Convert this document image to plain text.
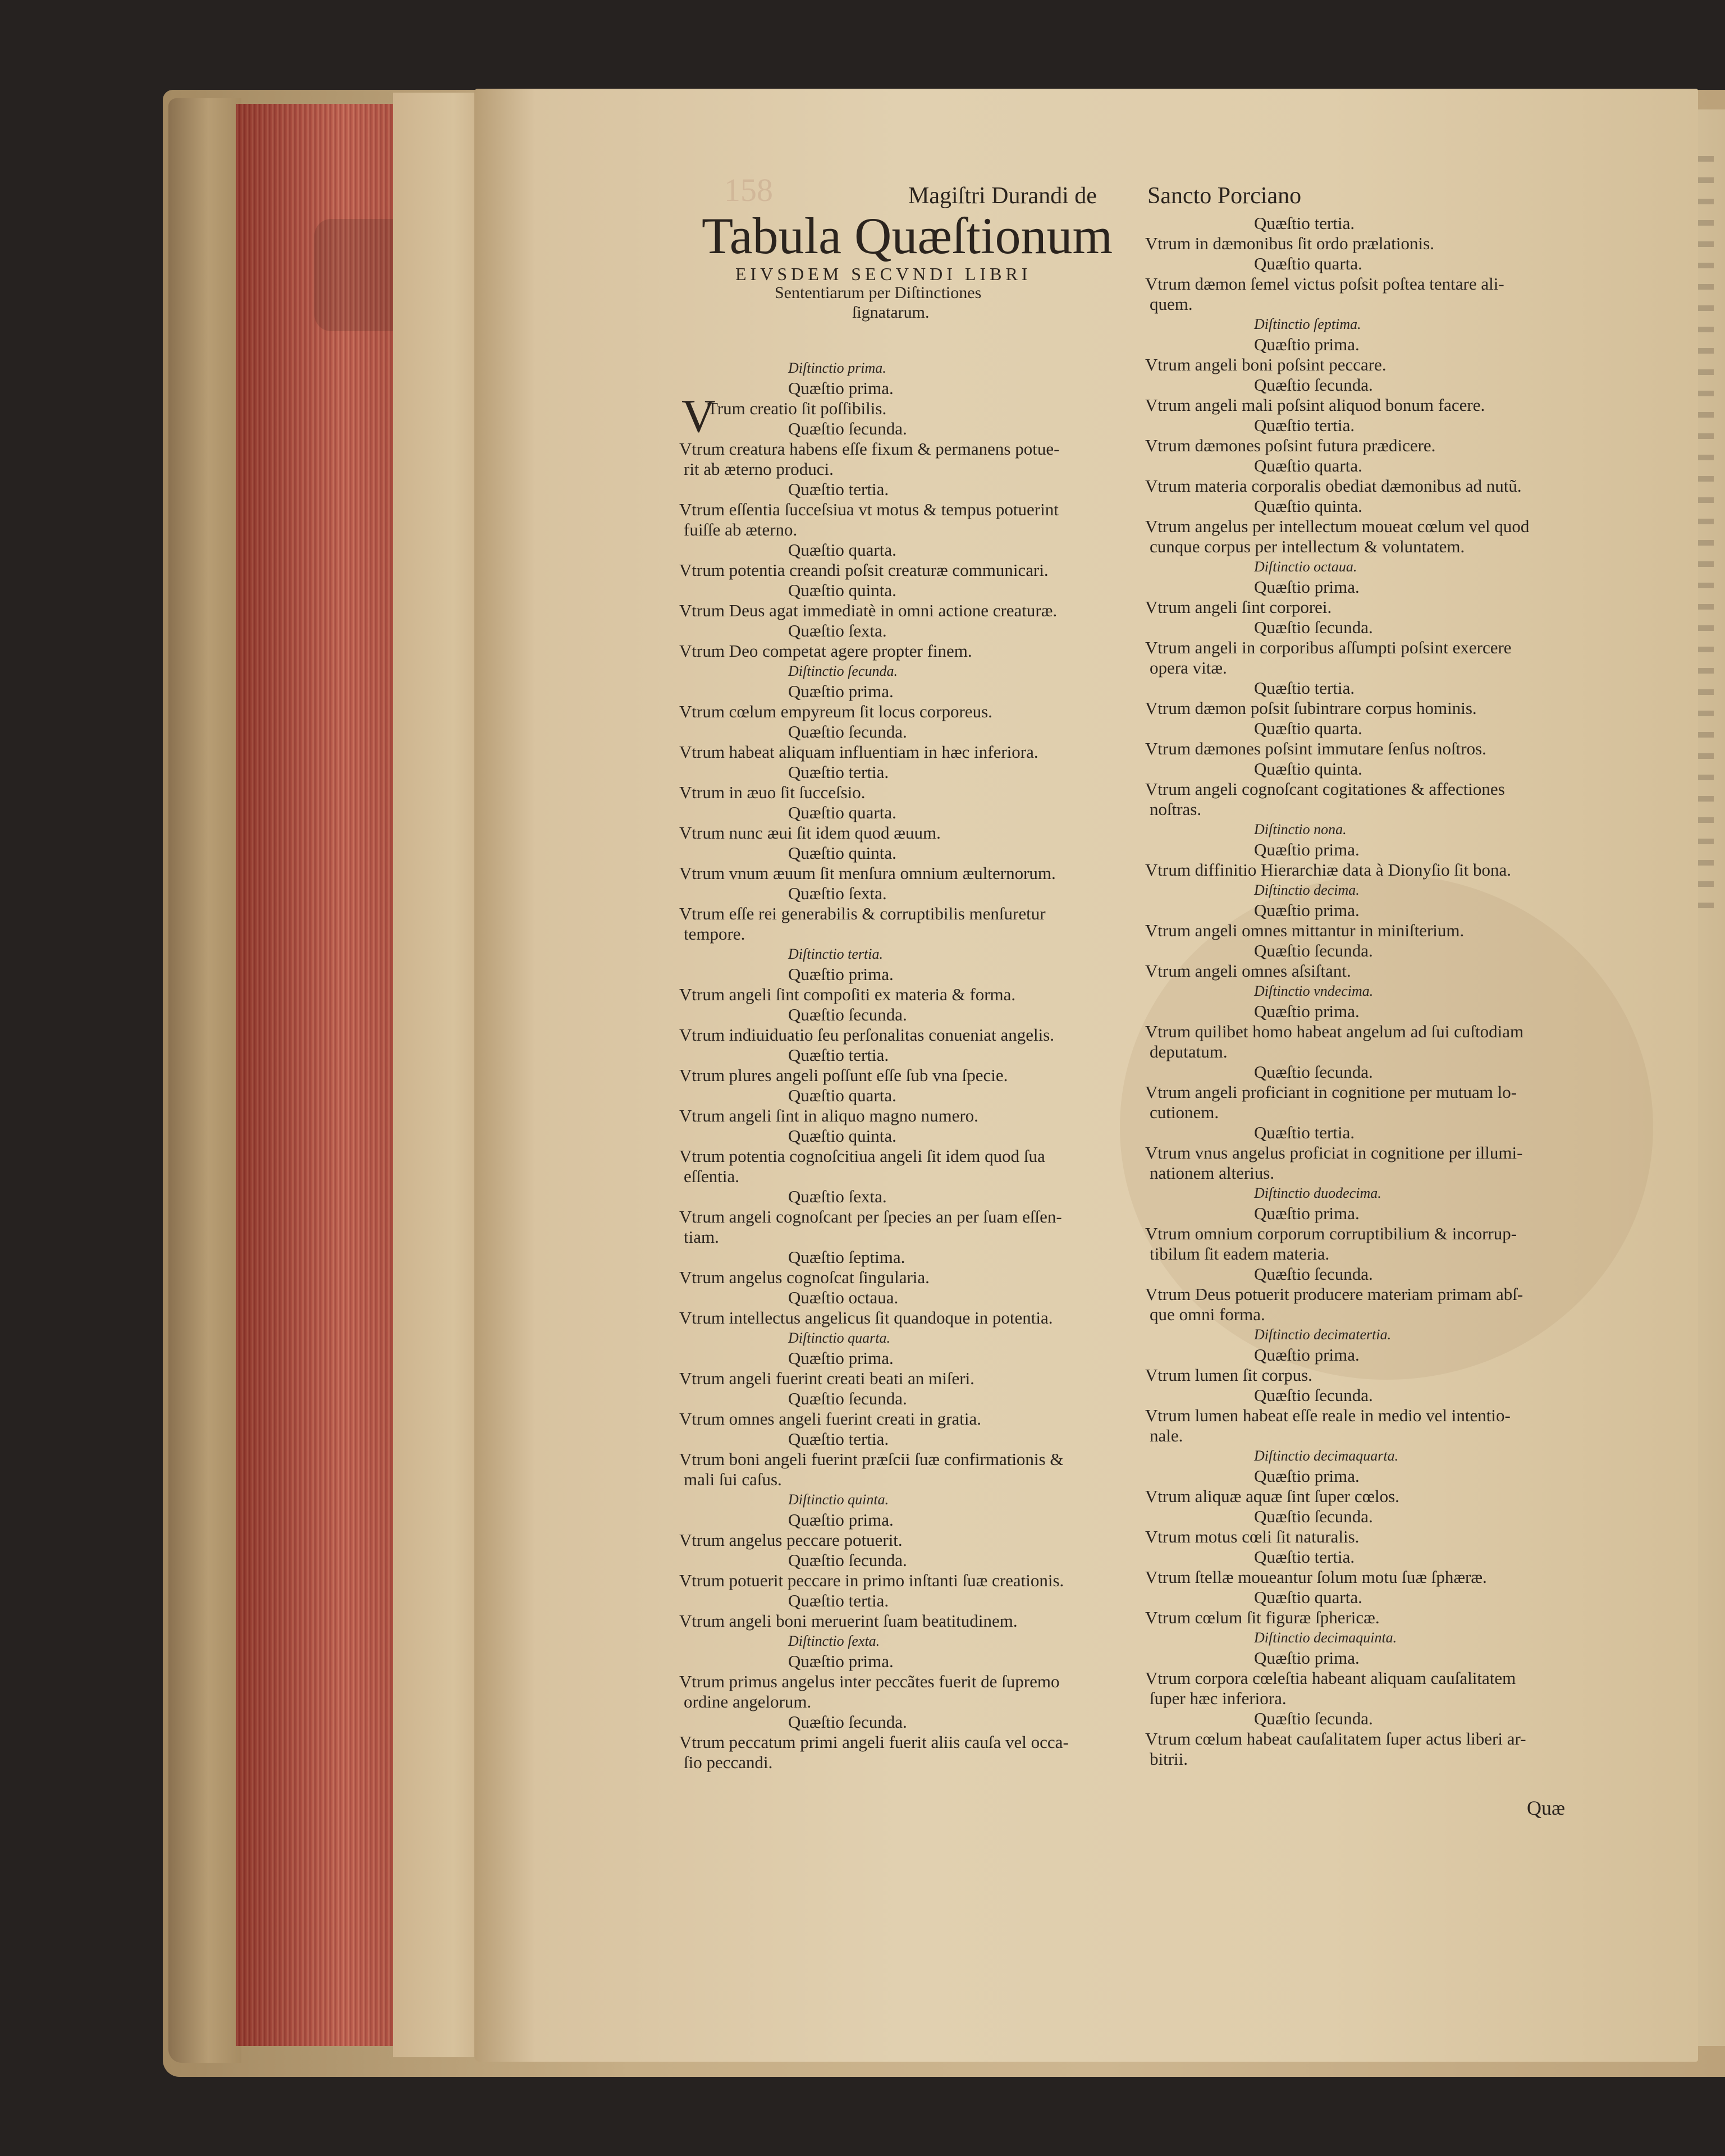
158	Magiſtri Durandi de Sancto Porciano
Tabula Quæſtionum
EIVSDEM SECVNDI LIBRI
Sententiarum per Diſtinctiones
ſignatarum.
V
Diſtinctio prima.
Quæſtio prima.
Trum creatio ſit poſſibilis.
Quæſtio ſecunda.
Vtrum creatura habens eſſe fixum & permanens potue-
rit ab æterno produci.
Quæſtio tertia.
Vtrum eſſentia ſucceſsiua vt motus & tempus potuerint
fuiſſe ab æterno.
Quæſtio quarta.
Vtrum potentia creandi poſsit creaturæ communicari.
Quæſtio quinta.
Vtrum Deus agat immediatè in omni actione creaturæ.
Quæſtio ſexta.
Vtrum Deo competat agere propter finem.
Diſtinctio ſecunda.
Quæſtio prima.
Vtrum cœlum empyreum ſit locus corporeus.
Quæſtio ſecunda.
Vtrum habeat aliquam influentiam in hæc inferiora.
Quæſtio tertia.
Vtrum in æuo ſit ſucceſsio.
Quæſtio quarta.
Vtrum nunc æui ſit idem quod æuum.
Quæſtio quinta.
Vtrum vnum æuum ſit menſura omnium æulternorum.
Quæſtio ſexta.
Vtrum eſſe rei generabilis & corruptibilis menſuretur
tempore.
Diſtinctio tertia.
Quæſtio prima.
Vtrum angeli ſint compoſiti ex materia & forma.
Quæſtio ſecunda.
Vtrum indiuiduatio ſeu perſonalitas conueniat angelis.
Quæſtio tertia.
Vtrum plures angeli poſſunt eſſe ſub vna ſpecie.
Quæſtio quarta.
Vtrum angeli ſint in aliquo magno numero.
Quæſtio quinta.
Vtrum potentia cognoſcitiua angeli ſit idem quod ſua
eſſentia.
Quæſtio ſexta.
Vtrum angeli cognoſcant per ſpecies an per ſuam eſſen-
tiam.
Quæſtio ſeptima.
Vtrum angelus cognoſcat ſingularia.
Quæſtio octaua.
Vtrum intellectus angelicus ſit quandoque in potentia.
Diſtinctio quarta.
Quæſtio prima.
Vtrum angeli fuerint creati beati an miſeri.
Quæſtio ſecunda.
Vtrum omnes angeli fuerint creati in gratia.
Quæſtio tertia.
Vtrum boni angeli fuerint præſcii ſuæ confirmationis &
mali ſui caſus.
Diſtinctio quinta.
Quæſtio prima.
Vtrum angelus peccare potuerit.
Quæſtio ſecunda.
Vtrum potuerit peccare in primo inſtanti ſuæ creationis.
Quæſtio tertia.
Vtrum angeli boni meruerint ſuam beatitudinem.
Diſtinctio ſexta.
Quæſtio prima.
Vtrum primus angelus inter peccãtes fuerit de ſupremo
ordine angelorum.
Quæſtio ſecunda.
Vtrum peccatum primi angeli fuerit aliis cauſa vel occa-
ſio peccandi.
Quæſtio tertia.
Vtrum in dæmonibus ſit ordo prælationis.
Quæſtio quarta.
Vtrum dæmon ſemel victus poſsit poſtea tentare ali-
quem.
Diſtinctio ſeptima.
Quæſtio prima.
Vtrum angeli boni poſsint peccare.
Quæſtio ſecunda.
Vtrum angeli mali poſsint aliquod bonum facere.
Quæſtio tertia.
Vtrum dæmones poſsint futura prædicere.
Quæſtio quarta.
Vtrum materia corporalis obediat dæmonibus ad nutũ.
Quæſtio quinta.
Vtrum angelus per intellectum moueat cœlum vel quod
cunque corpus per intellectum & voluntatem.
Diſtinctio octaua.
Quæſtio prima.
Vtrum angeli ſint corporei.
Quæſtio ſecunda.
Vtrum angeli in corporibus aſſumpti poſsint exercere
opera vitæ.
Quæſtio tertia.
Vtrum dæmon poſsit ſubintrare corpus hominis.
Quæſtio quarta.
Vtrum dæmones poſsint immutare ſenſus noſtros.
Quæſtio quinta.
Vtrum angeli cognoſcant cogitationes & affectiones
noſtras.
Diſtinctio nona.
Quæſtio prima.
Vtrum diffinitio Hierarchiæ data à Dionyſio ſit bona.
Diſtinctio decima.
Quæſtio prima.
Vtrum angeli omnes mittantur in miniſterium.
Quæſtio ſecunda.
Vtrum angeli omnes aſsiſtant.
Diſtinctio vndecima.
Quæſtio prima.
Vtrum quilibet homo habeat angelum ad ſui cuſtodiam
deputatum.
Quæſtio ſecunda.
Vtrum angeli proficiant in cognitione per mutuam lo-
cutionem.
Quæſtio tertia.
Vtrum vnus angelus proficiat in cognitione per illumi-
nationem alterius.
Diſtinctio duodecima.
Quæſtio prima.
Vtrum omnium corporum corruptibilium & incorrup-
tibilum ſit eadem materia.
Quæſtio ſecunda.
Vtrum Deus potuerit producere materiam primam abſ-
que omni forma.
Diſtinctio decimatertia.
Quæſtio prima.
Vtrum lumen ſit corpus.
Quæſtio ſecunda.
Vtrum lumen habeat eſſe reale in medio vel intentio-
nale.
Diſtinctio decimaquarta.
Quæſtio prima.
Vtrum aliquæ aquæ ſint ſuper cœlos.
Quæſtio ſecunda.
Vtrum motus cœli ſit naturalis.
Quæſtio tertia.
Vtrum ſtellæ moueantur ſolum motu ſuæ ſphæræ.
Quæſtio quarta.
Vtrum cœlum ſit figuræ ſphericæ.
Diſtinctio decimaquinta.
Quæſtio prima.
Vtrum corpora cœleſtia habeant aliquam cauſalitatem
ſuper hæc inferiora.
Quæſtio ſecunda.
Vtrum cœlum habeat cauſalitatem ſuper actus liberi ar-
bitrii.
Quæ
